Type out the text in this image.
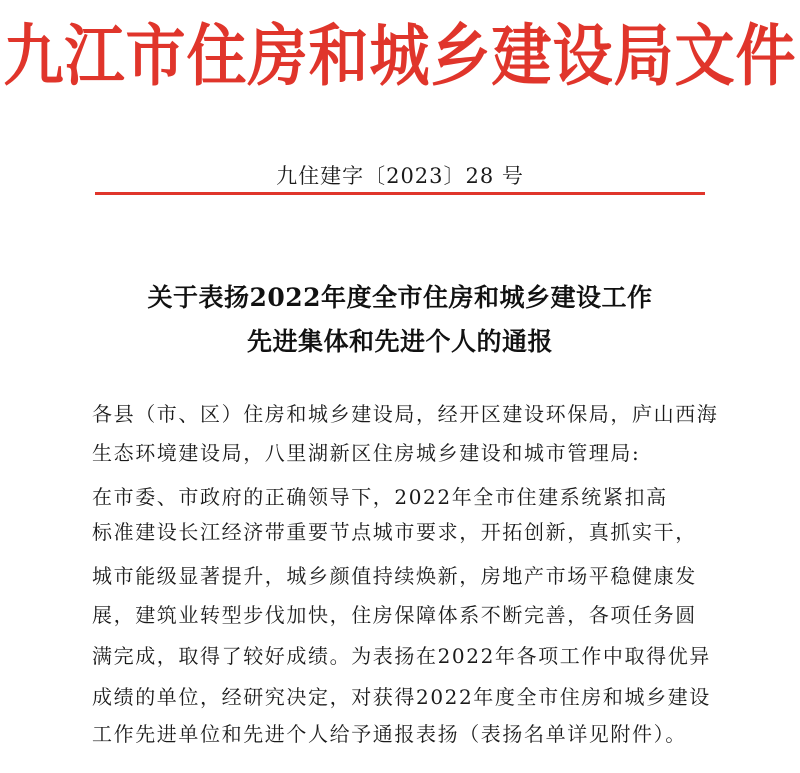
九江市住房和城乡建设局文件
九住建字〔2023〕28 号
关于表扬2022年度全市住房和城乡建设工作
先进集体和先进个人的通报
各县（市、区）住房和城乡建设局，经开区建设环保局，庐山西海
生态环境建设局，八里湖新区住房城乡建设和城市管理局:
在市委、市政府的正确领导下，2022年全市住建系统紧扣高
标准建设长江经济带重要节点城市要求，开拓创新，真抓实干，
城市能级显著提升，城乡颜值持续焕新，房地产市场平稳健康发
展，建筑业转型步伐加快，住房保障体系不断完善，各项任务圆
满完成，取得了较好成绩。为表扬在2022年各项工作中取得优异
成绩的单位，经研究决定，对获得2022年度全市住房和城乡建设
工作先进单位和先进个人给予通报表扬（表扬名单详见附件）。
